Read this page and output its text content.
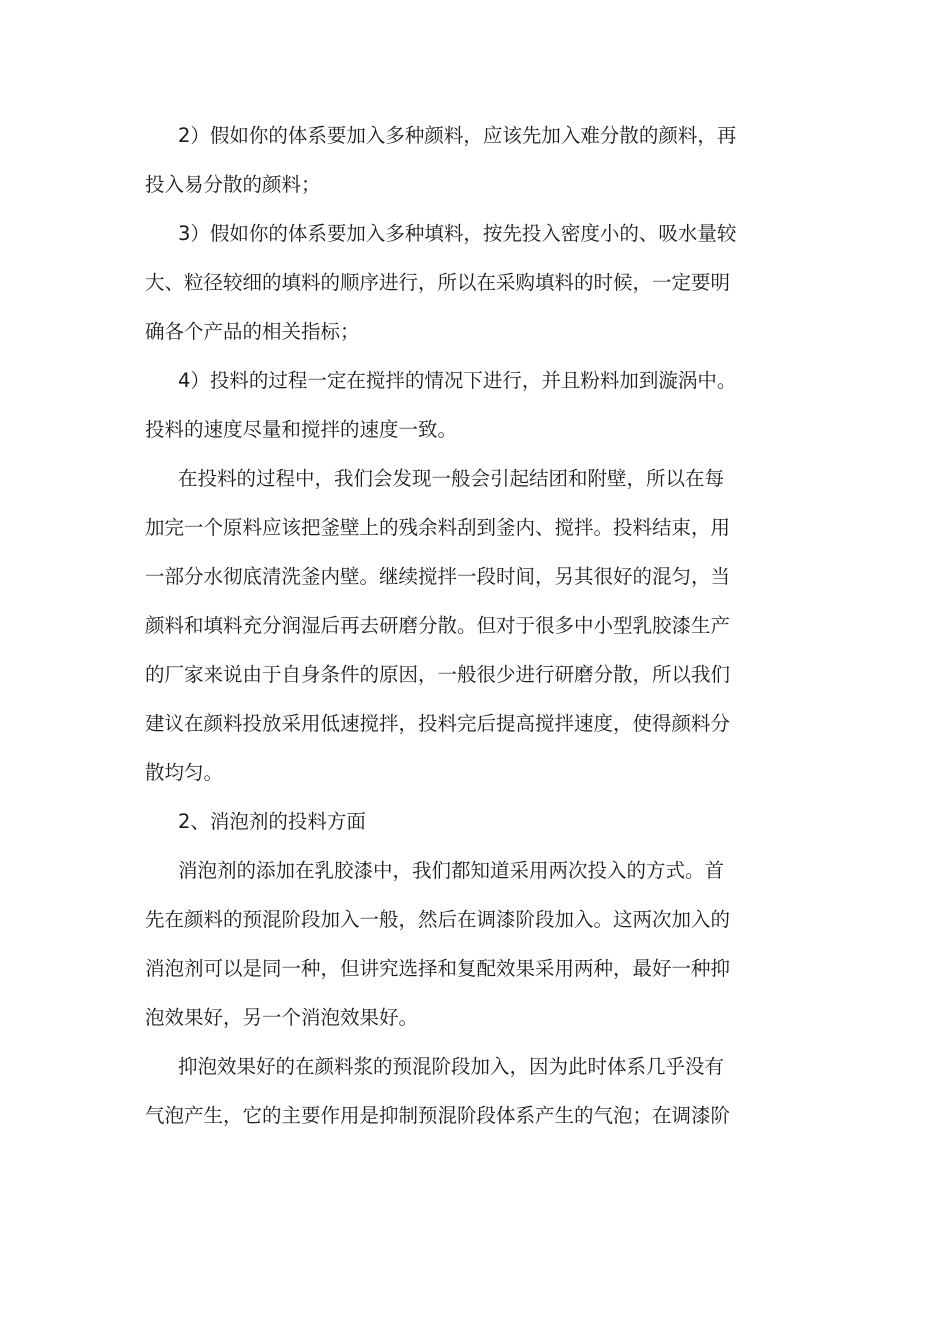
2）假如你的体系要加入多种颜料，应该先加入难分散的颜料，再
投入易分散的颜料；
3）假如你的体系要加入多种填料，按先投入密度小的、吸水量较
大、粒径较细的填料的顺序进行，所以在采购填料的时候，一定要明
确各个产品的相关指标；
4）投料的过程一定在搅拌的情况下进行，并且粉料加到漩涡中。
投料的速度尽量和搅拌的速度一致。
在投料的过程中，我们会发现一般会引起结团和附壁，所以在每
加完一个原料应该把釜壁上的残余料刮到釜内、搅拌。投料结束，用
一部分水彻底清洗釜内壁。继续搅拌一段时间，另其很好的混匀，当
颜料和填料充分润湿后再去研磨分散。但对于很多中小型乳胶漆生产
的厂家来说由于自身条件的原因，一般很少进行研磨分散，所以我们
建议在颜料投放采用低速搅拌，投料完后提高搅拌速度，使得颜料分
散均匀。
2、消泡剂的投料方面
消泡剂的添加在乳胶漆中，我们都知道采用两次投入的方式。首
先在颜料的预混阶段加入一般，然后在调漆阶段加入。这两次加入的
消泡剂可以是同一种，但讲究选择和复配效果采用两种，最好一种抑
泡效果好，另一个消泡效果好。
抑泡效果好的在颜料浆的预混阶段加入，因为此时体系几乎没有
气泡产生，它的主要作用是抑制预混阶段体系产生的气泡；在调漆阶
